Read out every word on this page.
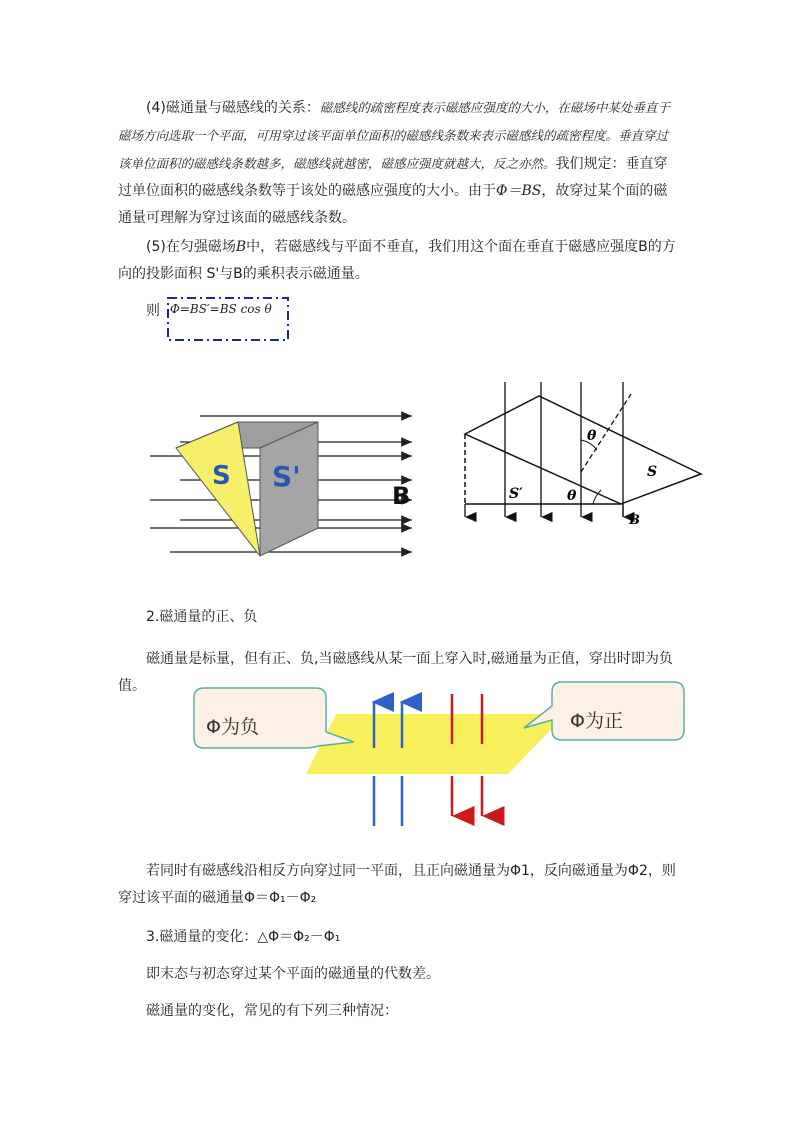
(4)磁通量与磁感线的关系：磁感线的疏密程度表示磁感应强度的大小，在磁场中某处垂直于磁场方向选取一个平面，可用穿过该平面单位面积的磁感线条数来表示磁感线的疏密程度。垂直穿过该单位面积的磁感线条数越多，磁感线就越密，磁感应强度就越大，反之亦然。我们规定：垂直穿过单位面积的磁感线条数等于该处的磁感应强度的大小。由于Φ＝BS，故穿过某个面的磁通量可理解为穿过该面的磁感线条数。

(5)在匀强磁场B中，若磁感线与平面不垂直，我们用这个面在垂直于磁感应强度B的方向的投影面积 S'与B的乘积表示磁通量。

则 Φ=BS′=BS cos θ
S S'
B
θ
θ
S
S′
B

2.磁通量的正、负

磁通量是标量，但有正、负,当磁感线从某一面上穿入时,磁通量为正值，穿出时即为负值。

Φ为负	Φ为正

若同时有磁感线沿相反方向穿过同一平面，且正向磁通量为Φ1，反向磁通量为Φ2，则

穿过该平面的磁通量Φ＝Φ₁－Φ₂

3.磁通量的变化：△Φ＝Φ₂－Φ₁

即末态与初态穿过某个平面的磁通量的代数差。

磁通量的变化，常见的有下列三种情况：
